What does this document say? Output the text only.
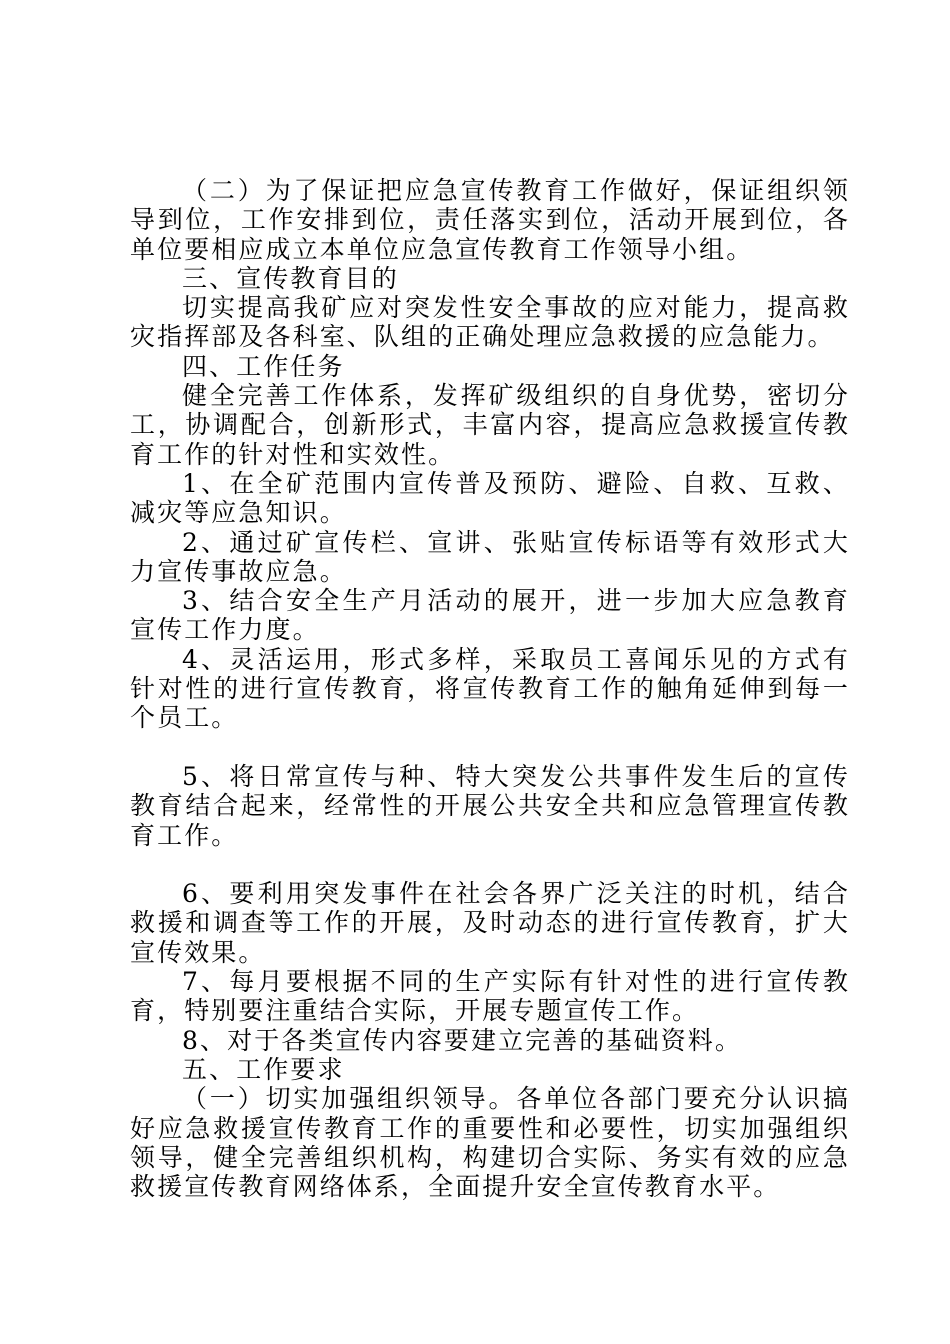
（二）为了保证把应急宣传教育工作做好，保证组织领导到位，工作安排到位，责任落实到位，活动开展到位，各单位要相应成立本单位应急宣传教育工作领导小组。

三、宣传教育目的

切实提高我矿应对突发性安全事故的应对能力，提高救灾指挥部及各科室、队组的正确处理应急救援的应急能力。

四、工作任务

健全完善工作体系，发挥矿级组织的自身优势，密切分工，协调配合，创新形式，丰富内容，提高应急救援宣传教育工作的针对性和实效性。

1、在全矿范围内宣传普及预防、避险、自救、互救、减灾等应急知识。

2、通过矿宣传栏、宣讲、张贴宣传标语等有效形式大力宣传事故应急。

3、结合安全生产月活动的展开，进一步加大应急教育宣传工作力度。

4、灵活运用，形式多样，采取员工喜闻乐见的方式有针对性的进行宣传教育，将宣传教育工作的触角延伸到每一个员工。

5、将日常宣传与种、特大突发公共事件发生后的宣传教育结合起来，经常性的开展公共安全共和应急管理宣传教育工作。

6、要利用突发事件在社会各界广泛关注的时机，结合救援和调查等工作的开展，及时动态的进行宣传教育，扩大宣传效果。

7、每月要根据不同的生产实际有针对性的进行宣传教育，特别要注重结合实际，开展专题宣传工作。

8、对于各类宣传内容要建立完善的基础资料。

五、工作要求

（一）切实加强组织领导。各单位各部门要充分认识搞好应急救援宣传教育工作的重要性和必要性，切实加强组织领导，健全完善组织机构，构建切合实际、务实有效的应急救援宣传教育网络体系，全面提升安全宣传教育水平。
